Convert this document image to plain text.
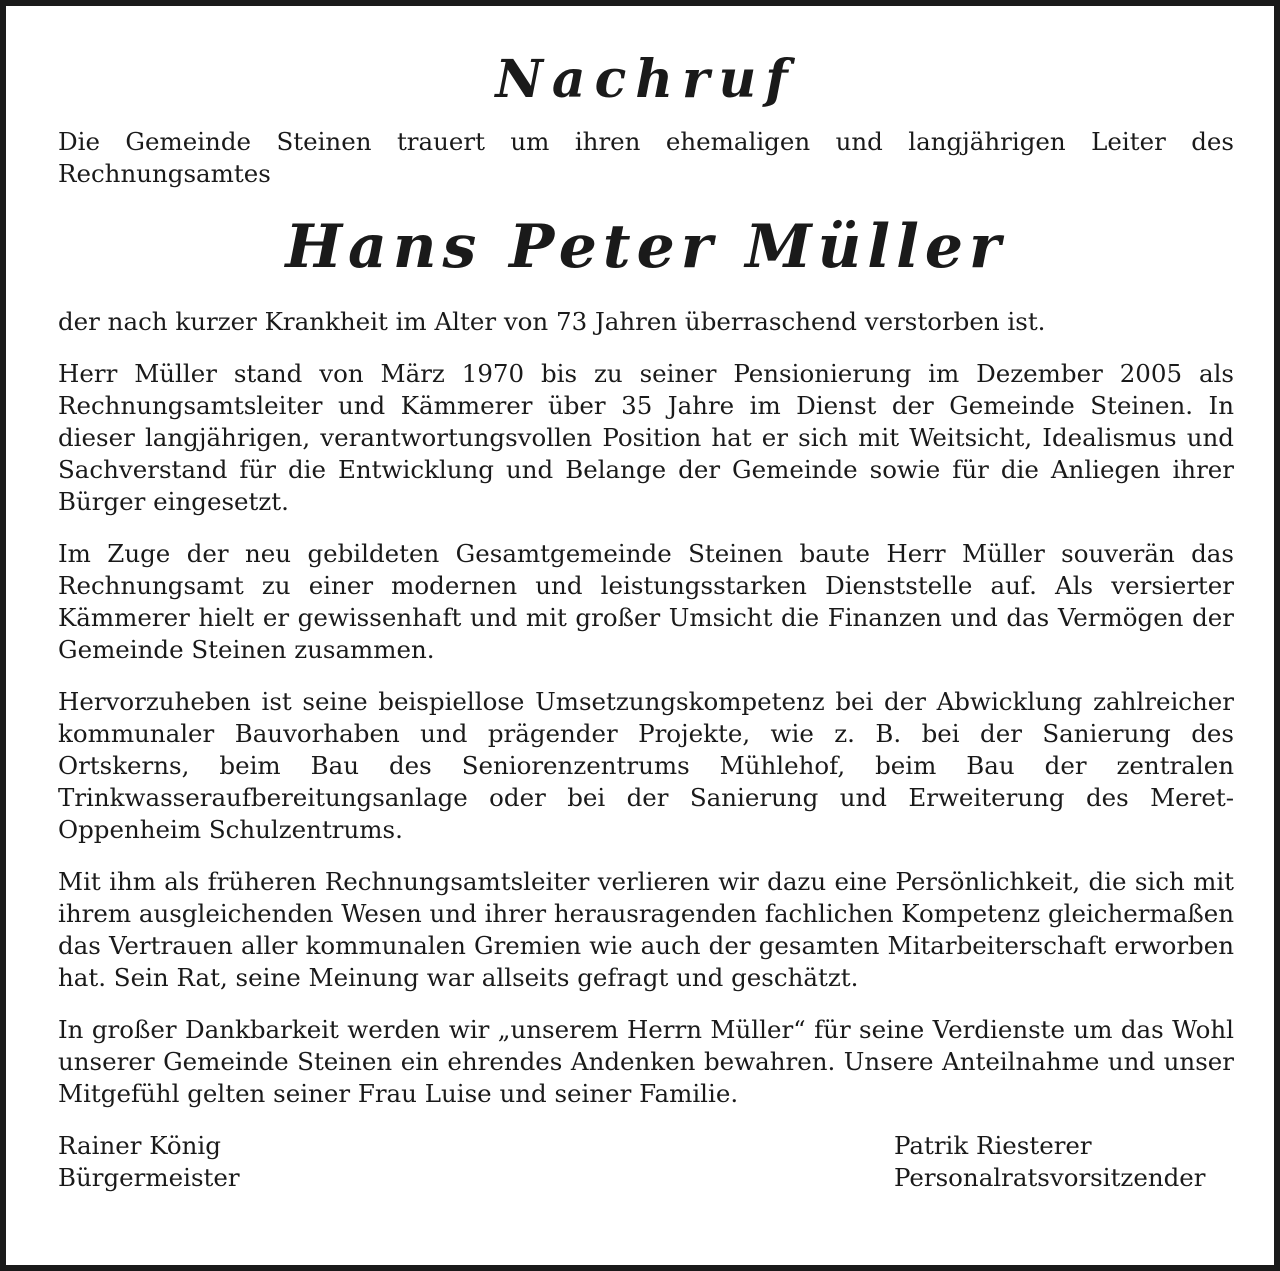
Nachruf

Die Gemeinde Steinen trauert um ihren ehemaligen und langjährigen Leiter des Rechnungsamtes

Hans Peter Müller

der nach kurzer Krankheit im Alter von 73 Jahren überraschend verstorben ist.

Herr Müller stand von März 1970 bis zu seiner Pensionierung im Dezember 2005 als Rechnungsamtsleiter und Kämmerer über 35 Jahre im Dienst der Gemeinde Steinen. In dieser langjährigen, verantwortungsvollen Position hat er sich mit Weitsicht, Idealismus und Sachverstand für die Entwicklung und Belange der Gemeinde sowie für die Anliegen ihrer Bürger eingesetzt.

Im Zuge der neu gebildeten Gesamtgemeinde Steinen baute Herr Müller souverän das Rechnungsamt zu einer modernen und leistungsstarken Dienststelle auf. Als versierter Kämmerer hielt er gewissenhaft und mit großer Umsicht die Finanzen und das Vermögen der Gemeinde Steinen zusammen.

Hervorzuheben ist seine beispiellose Umsetzungskompetenz bei der Abwicklung zahlreicher kommunaler Bauvorhaben und prägender Projekte, wie z. B. bei der Sanierung des Ortskerns, beim Bau des Seniorenzentrums Mühlehof, beim Bau der zentralen Trinkwasseraufbereitungsanlage oder bei der Sanierung und Erweiterung des Meret-Oppenheim Schulzentrums.

Mit ihm als früheren Rechnungsamtsleiter verlieren wir dazu eine Persönlichkeit, die sich mit ihrem ausgleichenden Wesen und ihrer herausragenden fachlichen Kompetenz gleichermaßen das Vertrauen aller kommunalen Gremien wie auch der gesamten Mitarbeiterschaft erworben hat. Sein Rat, seine Meinung war allseits gefragt und geschätzt.

In großer Dankbarkeit werden wir „unserem Herrn Müller“ für seine Verdienste um das Wohl unserer Gemeinde Steinen ein ehrendes Andenken bewahren. Unsere Anteilnahme und unser Mitgefühl gelten seiner Frau Luise und seiner Familie.

Rainer König
Bürgermeister
Patrik Riesterer
Personalratsvorsitzender
